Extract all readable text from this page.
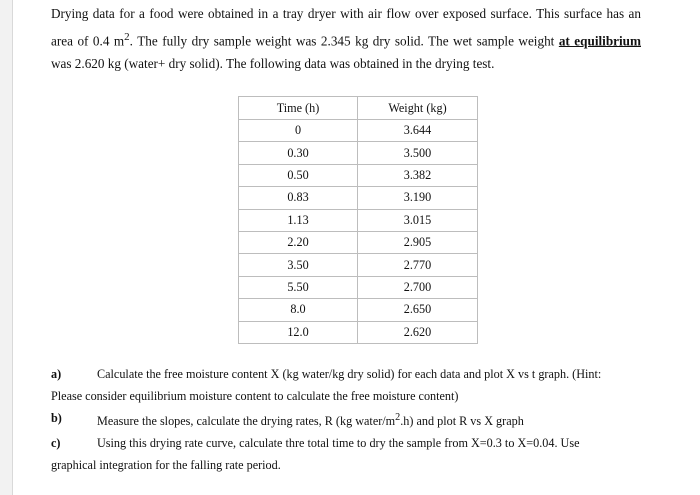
Drying data for a food were obtained in a tray dryer with air flow over exposed surface. This surface has an area of 0.4 $m^2$. The fully dry sample weight was 2.345 kg dry solid. The wet sample weight at equilibrium was 2.620 kg (water+ dry solid). The following data was obtained in the drying test.

Time (h)	Weight (kg)
0	3.644
0.30	3.500
0.50	3.382
0.83	3.190
1.13	3.015
2.20	2.905
3.50	2.770
5.50	2.700
8.0	2.650
12.0	2.620
a)	Calculate the free moisture content X (kg water/kg dry solid) for each data and plot X vs t graph. (Hint:
Please consider equilibrium moisture content to calculate the free moisture content)
b)	Measure the slopes, calculate the drying rates, R (kg water/$m^2.h$) and plot R vs X graph
c)	Using this drying rate curve, calculate thre total time to dry the sample from X=0.3 to X=0.04. Use
graphical integration for the falling rate period.
